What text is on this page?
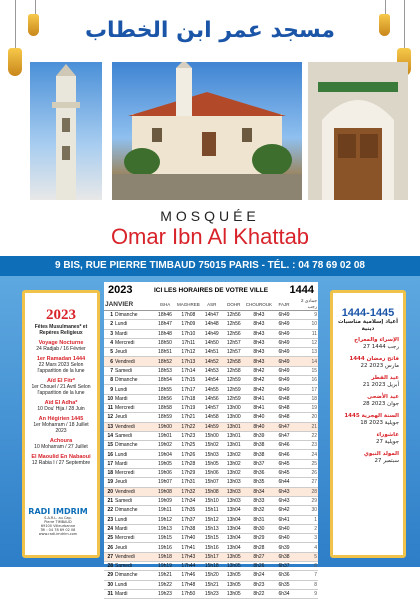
مسجد عمر ابن الخطاب
MOSQUÉE
Omar Ibn Al Khattab
9 BIS, RUE PIERRE TIMBAUD 75015 PARIS - TÉL. : 04 78 69 02 08
2023
Fêtes Musulmanes* et Repères Religieux
Voyage Nocturne
24 Radjab / 16 Février
1er Ramadan 1444
22 Mars 2023 Selon l'apparition de la lune
Aïd El Fitr*
1er Chouel / 21 Avril Selon l'apparition de la lune
Aïd El Adha*
10 Dou' Hija / 28 Juin
An Hégirien 1445
1er Moharram / 18 Juillet 2023
Achoura
10 Moharram / 27 Juillet
El Maoulid En Nabaoui
12 Rabia I / 27 Septembre
RADI IMDRIM
S.A.R.L. au Cap.
Pierre TIMBAUD
69100 Villeurbanne
Tél : 04 78 69 02 08
www.radi-imdrim.com
1444-1445
أعياد إسلامية مناسبات دينية
الإسراء والمعراج
27 رجب 1444
فاتح رمضان 1444
22 مارس 2023
عيد الفطر
21 أبريل 2023
عيد الأضحى
28 جوان 2023
السنة الهجرية 1445
18 جويلية 2023
عاشوراء
27 جويلية
المولد النبوي
27 سبتمبر
2023	ICI LES HORAIRES DE VOTRE VILLE 1444
JANVIER		ISHA	MAGHREB	ASR	DOHR	CHOUROUK	FAJR	جمادى 2 رجب
1	Dimanche	18h46	17h08	14h47	12h56	8h43	6h49	9
2	Lundi	18h47	17h09	14h48	12h56	8h43	6h49	10
3	Mardi	18h48	17h10	14h49	12h56	8h43	6h49	11
4	Mercredi	18h50	17h11	14h50	12h57	8h43	6h49	12
5	Jeudi	18h51	17h12	14h51	12h57	8h43	6h49	13
6	Vendredi	18h52	17h13	14h52	12h58	8h43	6h49	14
7	Samedi	18h53	17h14	14h53	12h58	8h42	6h49	15
8	Dimanche	18h54	17h15	14h54	12h59	8h42	6h49	16
9	Lundi	18h55	17h17	14h55	12h59	8h42	6h49	17
10	Mardi	18h56	17h18	14h56	12h59	8h41	6h48	18
11	Mercredi	18h58	17h19	14h57	13h00	8h41	6h48	19
12	Jeudi	18h59	17h21	14h58	13h00	8h40	6h48	20
13	Vendredi	19h00	17h22	14h59	13h01	8h40	6h47	21
14	Samedi	19h01	17h23	15h00	13h01	8h39	6h47	22
15	Dimanche	19h02	17h25	15h02	13h01	8h38	6h46	23
16	Lundi	19h04	17h26	15h03	13h02	8h38	6h46	24
17	Mardi	19h05	17h28	15h05	13h02	8h37	6h45	25
18	Mercredi	19h06	17h29	15h06	13h02	8h36	6h45	26
19	Jeudi	19h07	17h31	15h07	13h03	8h35	6h44	27
20	Vendredi	19h08	17h32	15h08	13h03	8h34	6h43	28
21	Samedi	19h09	17h34	15h10	13h03	8h33	6h43	29
22	Dimanche	19h11	17h35	15h11	13h04	8h32	6h42	30
23	Lundi	19h12	17h37	15h12	13h04	8h31	6h41	1
24	Mardi	19h13	17h38	15h13	13h04	8h30	6h40	2
25	Mercredi	19h15	17h40	15h15	13h04	8h29	6h40	3
26	Jeudi	19h16	17h41	15h16	13h04	8h28	6h39	4
27	Vendredi	19h18	17h43	15h17	13h05	8h27	6h38	5
28	Samedi	19h19	17h44	15h18	13h05	8h26	6h37	6
29	Dimanche	19h21	17h46	15h20	13h05	8h24	6h36	7
30	Lundi	19h22	17h48	15h21	13h05	8h23	6h35	8
31	Mardi	19h23	17h50	15h23	13h05	8h22	6h34	9
